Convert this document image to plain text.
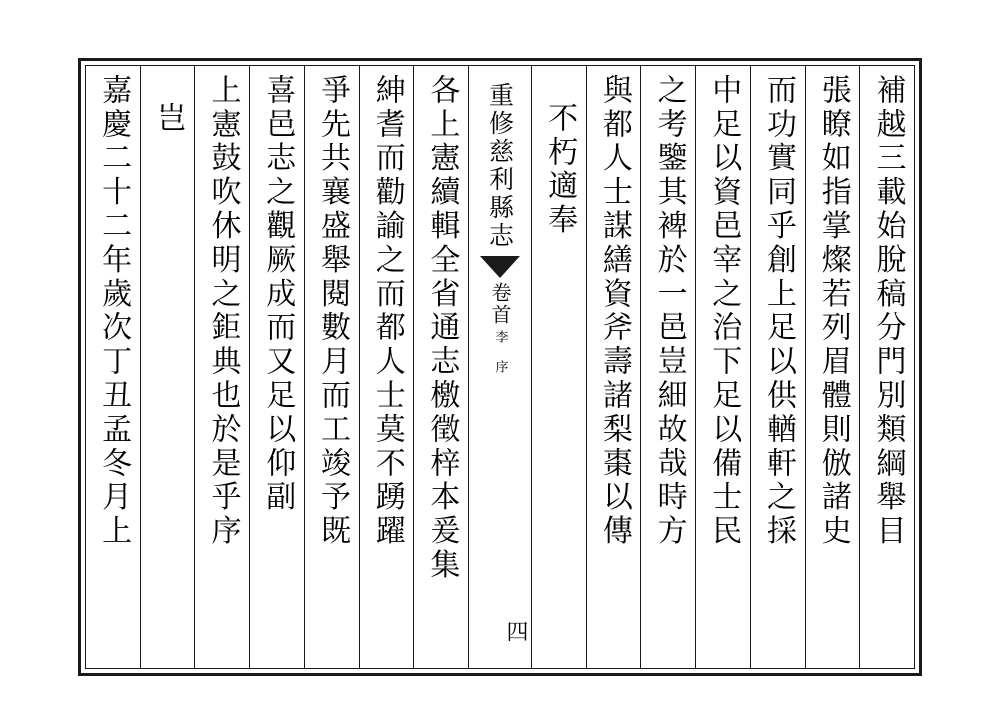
補越三載始脫稿分門別類綱舉目
張瞭如指掌燦若列眉體則倣諸史
而功實同乎創上足以供輶軒之採
中足以資邑宰之治下足以備士民
之考鑒其裨於一邑豈細故哉時方
與都人士謀繕資斧壽諸梨棗以傳
不朽適奉
重修慈利縣志
卷首
李 序
四
各上憲續輯全省通志檄徵梓本爰集
紳耆而勸諭之而都人士莫不踴躍
爭先共襄盛舉閱數月而工竣予既
喜邑志之觀厥成而又足以仰副
上憲鼓吹休明之鉅典也於是乎序
岂
嘉慶二十二年歲次丁丑孟冬月上
